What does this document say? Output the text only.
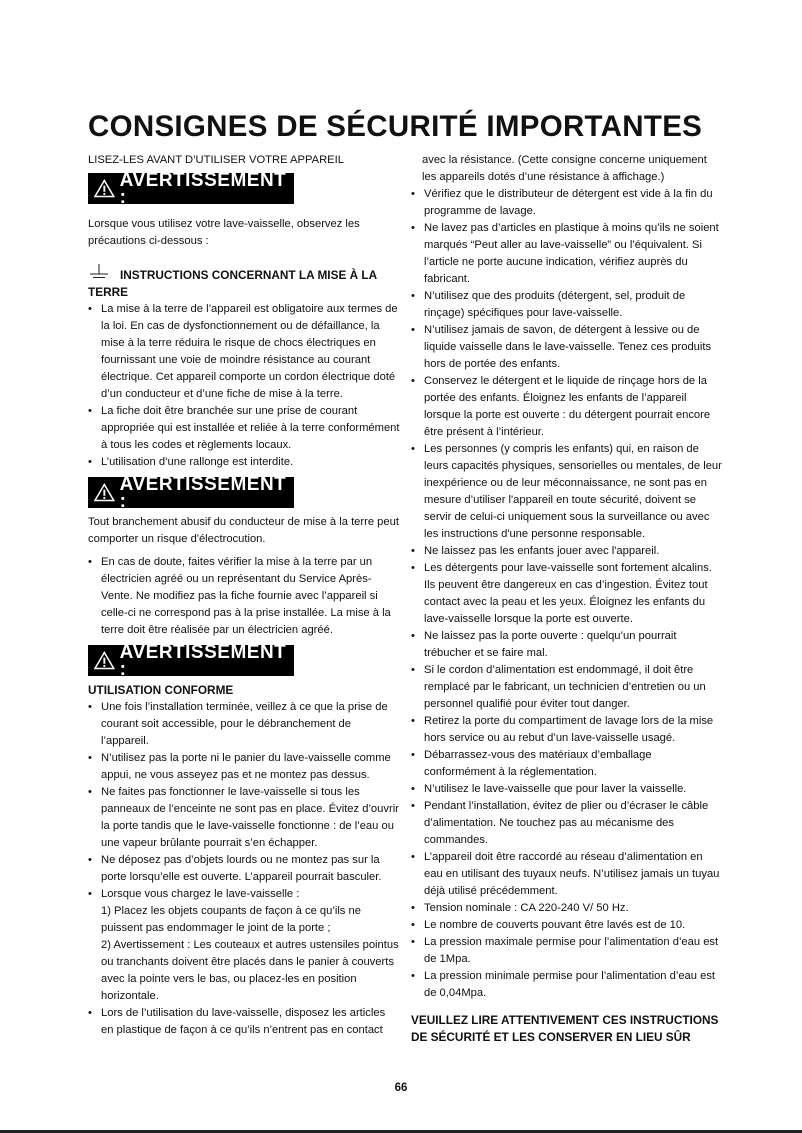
CONSIGNES DE SÉCURITÉ IMPORTANTES

LISEZ-LES AVANT D’UTILISER VOTRE APPAREIL

AVERTISSEMENT :

Lorsque vous utilisez votre lave-vaisselle, observez les précautions ci-dessous :

INSTRUCTIONS CONCERNANT LA MISE À LA TERRE

• La mise à la terre de l’appareil est obligatoire aux termes de la loi. En cas de dysfonctionnement ou de défaillance, la mise à la terre réduira le risque de chocs électriques en fournissant une voie de moindre résistance au courant électrique. Cet appareil comporte un cordon électrique doté d’un conducteur et d’une fiche de mise à la terre.
• La fiche doit être branchée sur une prise de courant appropriée qui est installée et reliée à la terre conformément à tous les codes et règlements locaux.
• L’utilisation d’une rallonge est interdite.
AVERTISSEMENT :

Tout branchement abusif du conducteur de mise à la terre peut comporter un risque d'électrocution.

• En cas de doute, faites vérifier la mise à la terre par un électricien agréé ou un représentant du Service Après-Vente. Ne modifiez pas la fiche fournie avec l’appareil si celle-ci ne correspond pas à la prise installée. La mise à la terre doit être réalisée par un électricien agréé.
AVERTISSEMENT :

UTILISATION CONFORME

• Une fois l’installation terminée, veillez à ce que la prise de courant soit accessible, pour le débranchement de l’appareil.
• N’utilisez pas la porte ni le panier du lave-vaisselle comme appui, ne vous asseyez pas et ne montez pas dessus.
• Ne faites pas fonctionner le lave-vaisselle si tous les panneaux de l’enceinte ne sont pas en place. Évitez d’ouvrir la porte tandis que le lave-vaisselle fonctionne : de l’eau ou une vapeur brûlante pourrait s’en échapper.
• Ne déposez pas d’objets lourds ou ne montez pas sur la porte lorsqu’elle est ouverte. L’appareil pourrait basculer.
• Lorsque vous chargez le lave-vaisselle :
1) Placez les objets coupants de façon à ce qu’ils ne puissent pas endommager le joint de la porte ;
2) Avertissement : Les couteaux et autres ustensiles pointus ou tranchants doivent être placés dans le panier à couverts avec la pointe vers le bas, ou placez-les en position horizontale.
• Lors de l’utilisation du lave-vaisselle, disposez les articles en plastique de façon à ce qu’ils n’entrent pas en contact

avec la résistance. (Cette consigne concerne uniquement les appareils dotés d’une résistance à affichage.)

• Vérifiez que le distributeur de détergent est vide à la fin du programme de lavage.
• Ne lavez pas d’articles en plastique à moins qu’ils ne soient marqués “Peut aller au lave-vaisselle” ou l’équivalent. Si l’article ne porte aucune indication, vérifiez auprès du fabricant.
• N’utilisez que des produits (détergent, sel, produit de rinçage) spécifiques pour lave-vaisselle.
• N’utilisez jamais de savon, de détergent à lessive ou de liquide vaisselle dans le lave-vaisselle. Tenez ces produits hors de portée des enfants.
• Conservez le détergent et le liquide de rinçage hors de la portée des enfants. Éloignez les enfants de l’appareil lorsque la porte est ouverte : du détergent pourrait encore être présent à l’intérieur.
• Les personnes (y compris les enfants) qui, en raison de leurs capacités physiques, sensorielles ou mentales, de leur inexpérience ou de leur méconnaissance, ne sont pas en mesure d’utiliser l'appareil en toute sécurité, doivent se servir de celui-ci uniquement sous la surveillance ou avec les instructions d'une personne responsable.
• Ne laissez pas les enfants jouer avec l'appareil.
• Les détergents pour lave-vaisselle sont fortement alcalins. Ils peuvent être dangereux en cas d’ingestion. Évitez tout contact avec la peau et les yeux. Éloignez les enfants du lave-vaisselle lorsque la porte est ouverte.
• Ne laissez pas la porte ouverte : quelqu’un pourrait trébucher et se faire mal.
• Si le cordon d’alimentation est endommagé, il doit être remplacé par le fabricant, un technicien d’entretien ou un personnel qualifié pour éviter tout danger.
• Retirez la porte du compartiment de lavage lors de la mise hors service ou au rebut d’un lave-vaisselle usagé.
• Débarrassez-vous des matériaux d’emballage conformément à la réglementation.
• N’utilisez le lave-vaisselle que pour laver la vaisselle.
• Pendant l’installation, évitez de plier ou d’écraser le câble d’alimentation. Ne touchez pas au mécanisme des commandes.
• L’appareil doit être raccordé au réseau d’alimentation en eau en utilisant des tuyaux neufs. N’utilisez jamais un tuyau déjà utilisé précédemment.
• Tension nominale : CA 220-240 V/ 50 Hz.
• Le nombre de couverts pouvant être lavés est de 10.
• La pression maximale permise pour l’alimentation d’eau est de 1Mpa.
• La pression minimale permise pour l’alimentation d’eau est de 0,04Mpa.

VEUILLEZ LIRE ATTENTIVEMENT CES INSTRUCTIONS DE SÉCURITÉ ET LES CONSERVER EN LIEU SÛR

66
